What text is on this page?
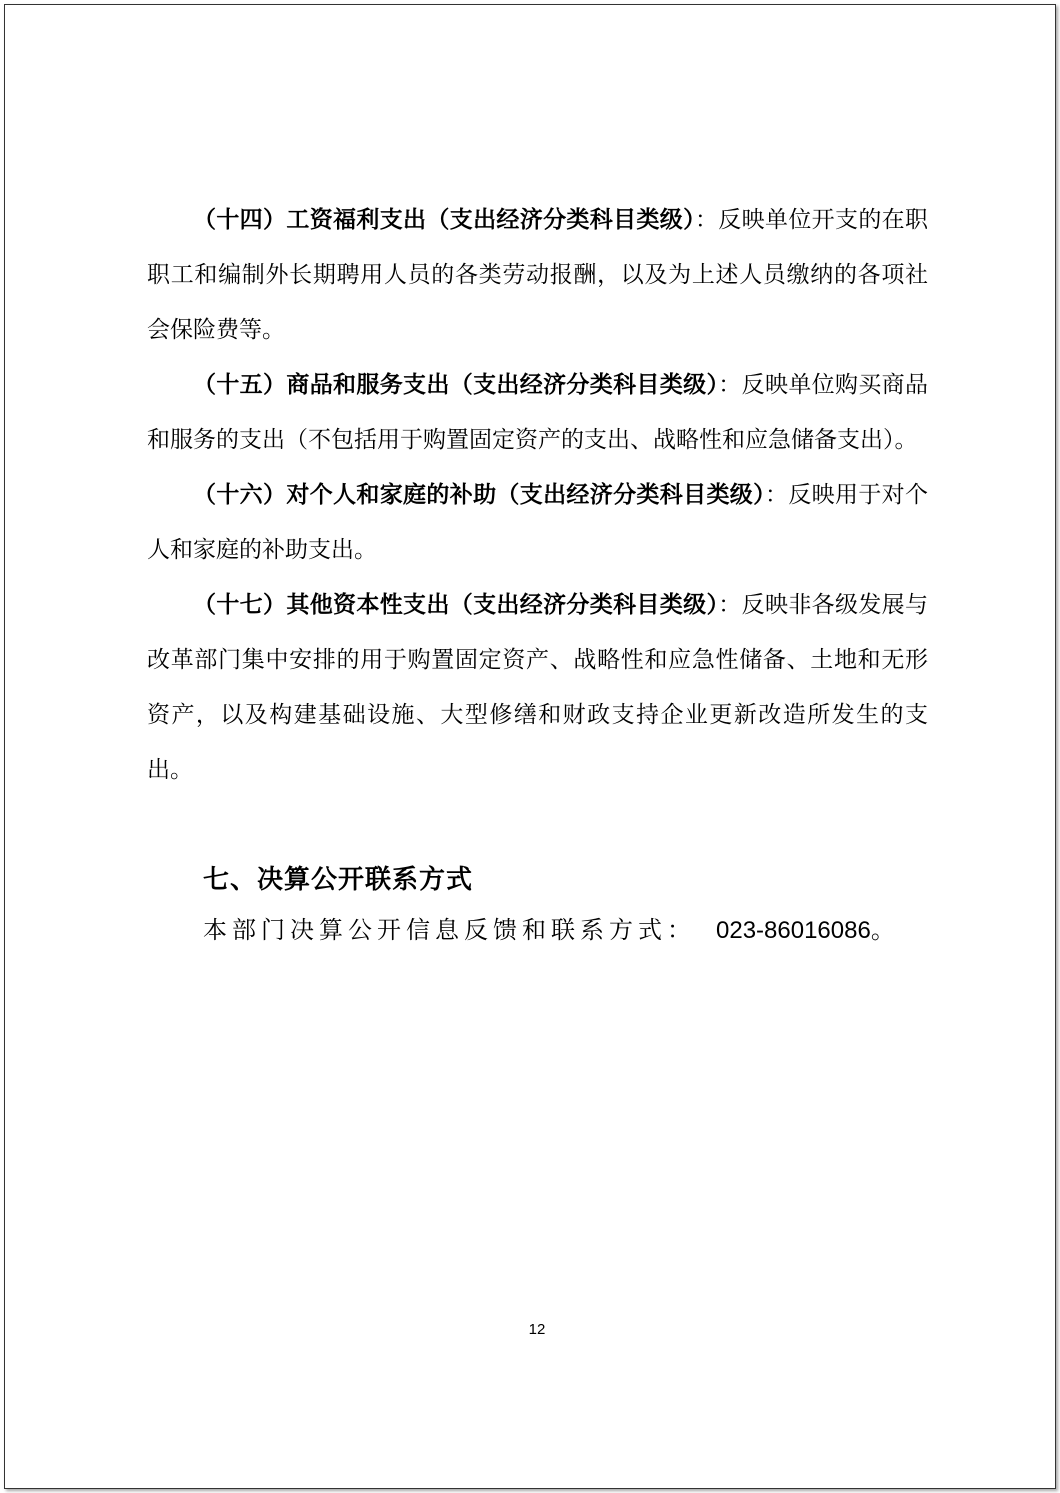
（十四）工资福利支出（支出经济分类科目类级）：反映单位开支的在职职工和编制外长期聘用人员的各类劳动报酬，以及为上述人员缴纳的各项社会保险费等。

（十五）商品和服务支出（支出经济分类科目类级）：反映单位购买商品和服务的支出（不包括用于购置固定资产的支出、战略性和应急储备支出）。

（十六）对个人和家庭的补助（支出经济分类科目类级）：反映用于对个人和家庭的补助支出。

（十七）其他资本性支出（支出经济分类科目类级）：反映非各级发展与改革部门集中安排的用于购置固定资产、战略性和应急性储备、土地和无形资产，以及构建基础设施、大型修缮和财政支持企业更新改造所发生的支出。

七、决算公开联系方式
本部门决算公开信息反馈和联系方式： 023-86016086。
12
